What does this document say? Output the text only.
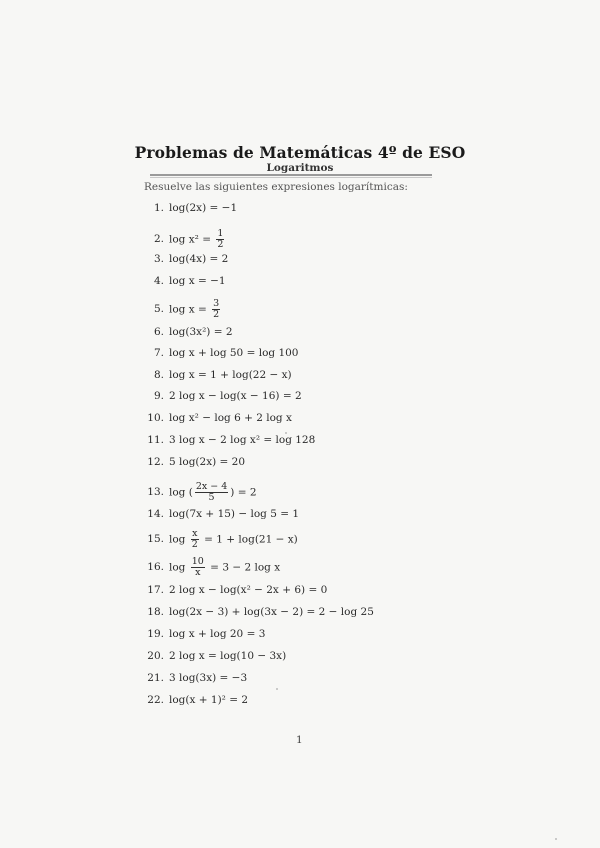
Problemas de Matemáticas 4º de ESO
Logaritmos
Resuelve las siguientes expresiones logarítmicas:
1. log(2x) = −1
2. $\log x^2 = \frac{1}{2}$
3. log(4x) = 2
4. log x = −1
5. $\log x = \frac{3}{2}$
6. log(3x²) = 2
7. log x + log 50 = log 100
8. log x = 1 + log(22 − x)
9. 2 log x − log(x − 16) = 2
10. log x² − log 6 + 2 log x
11. 3 log x − 2 log x² = log 128
12. 5 log(2x) = 20
13. log ( $\frac{2x - 4}{5}$ ) = 2
14. log(7x + 15) − log 5 = 1
15. $\log \frac{x}{2} = 1 + \log(21 - x)$
16. $\log \frac{10}{x} = 3 - 2$ log x
17. 2 log x − log(x² − 2x + 6) = 0
18. log(2x − 3) + log(3x − 2) = 2 − log 25
19. log x + log 20 = 3
20. 2 log x = log(10 − 3x)
21. 3 log(3x) = −3
22. log(x + 1)² = 2
1
